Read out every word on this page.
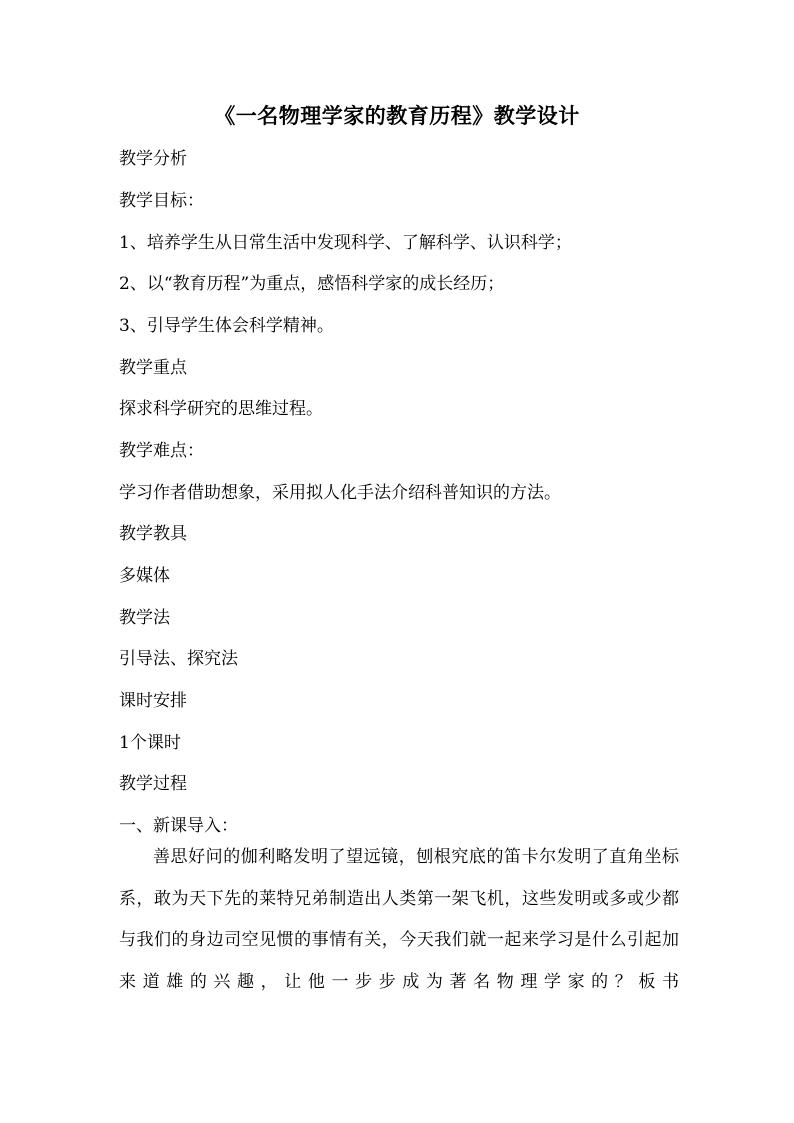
《一名物理学家的教育历程》教学设计
教学分析
教学目标：
1、培养学生从日常生活中发现科学、了解科学、认识科学；
2、以“教育历程”为重点，感悟科学家的成长经历；
3、引导学生体会科学精神。
教学重点
探求科学研究的思维过程。
教学难点：
学习作者借助想象，采用拟人化手法介绍科普知识的方法。
教学教具
多媒体
教学法
引导法、探究法
课时安排
1个课时
教学过程
一、新课导入：

善思好问的伽利略发明了望远镜，刨根究底的笛卡尔发明了直角坐标系，敢为天下先的莱特兄弟制造出人类第一架飞机，这些发明或多或少都与我们的身边司空见惯的事情有关，今天我们就一起来学习是什么引起加来道雄的兴趣，让他一步步成为著名物理学家的？板书
